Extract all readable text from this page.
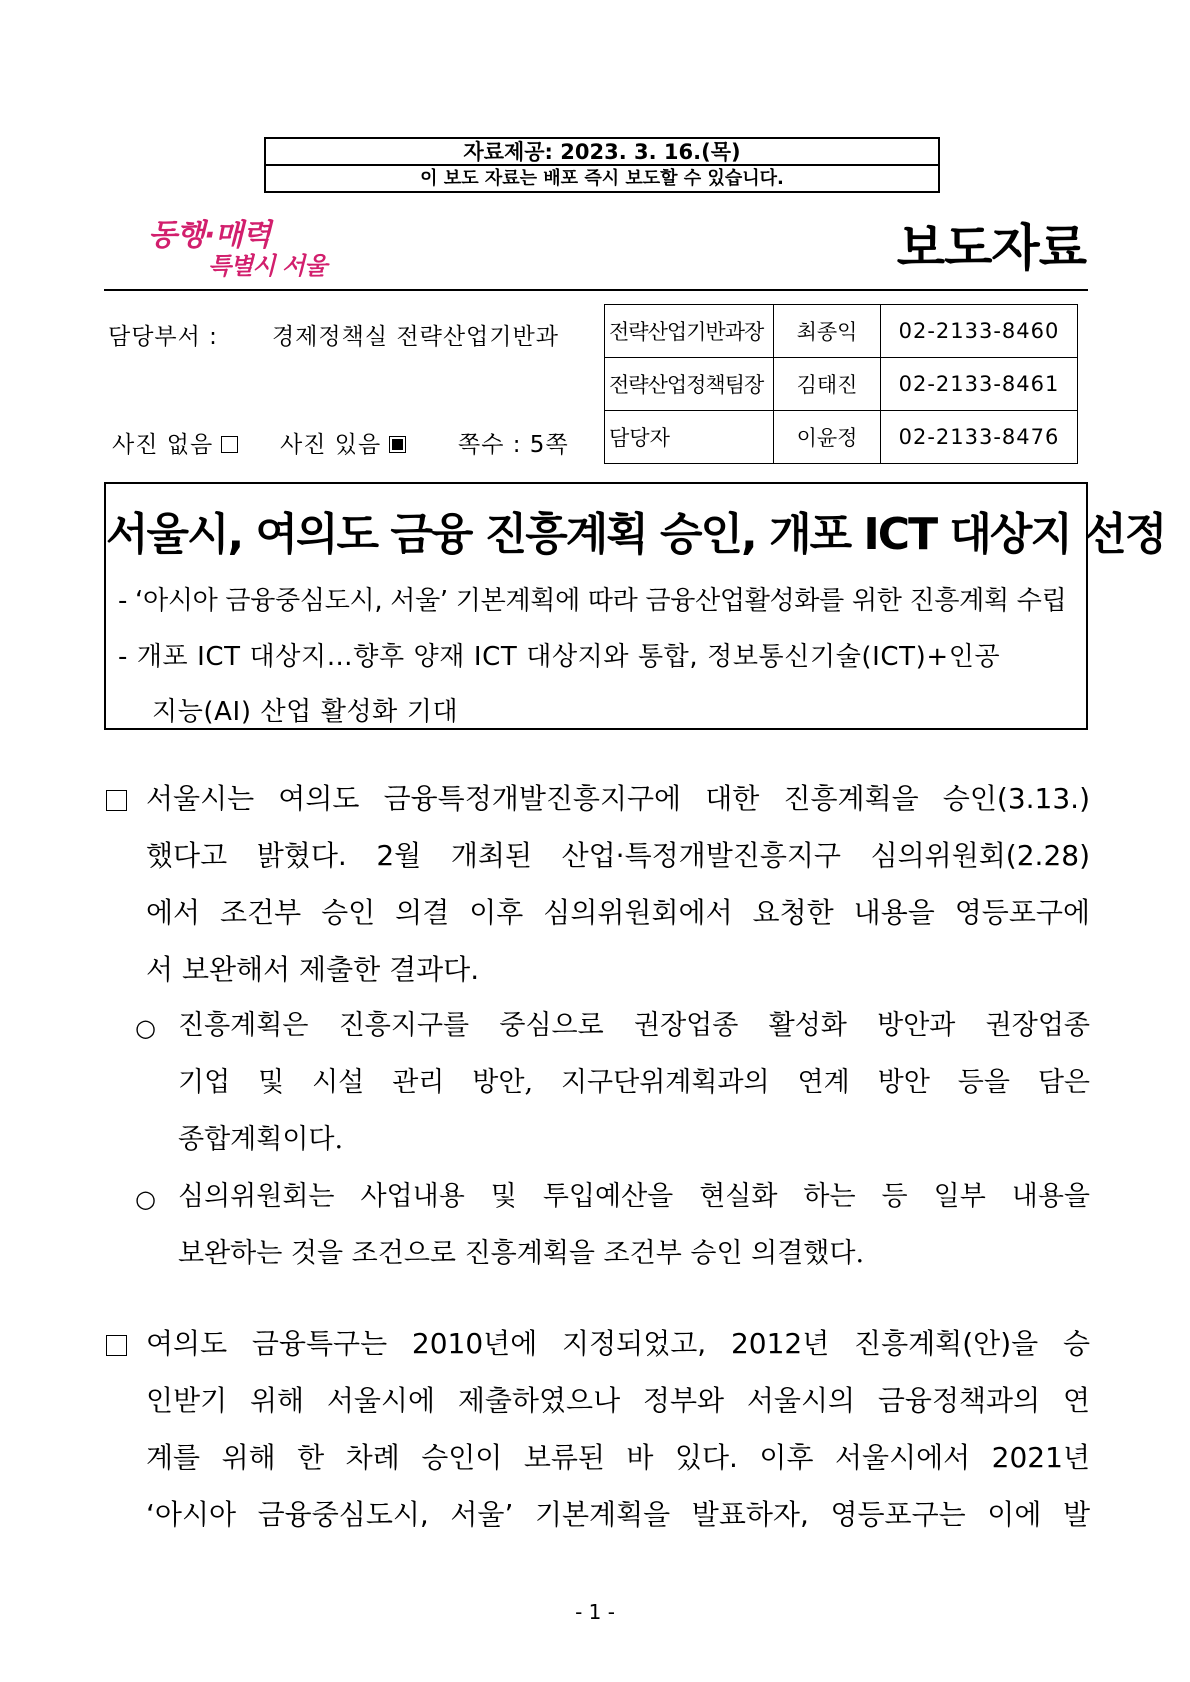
자료제공: 2023. 3. 16.(목)
이 보도 자료는 배포 즉시 보도할 수 있습니다.
동행·매력
특별시 서울	보도자료
담당부서 : 경제정책실 전략산업기반과
사진 없음	사진 있음	쪽수 : 5쪽
전략산업기반과장	최종익	02-2133-8460
전략산업정책팀장	김태진	02-2133-8461
담당자	이윤정	02-2133-8476
서울시, 여의도 금융 진흥계획 승인, 개포 ICT 대상지 선정
- ‘아시아 금융중심도시, 서울’ 기본계획에 따라 금융산업활성화를 위한 진흥계획 수립
- 개포 ICT 대상지…향후 양재 ICT 대상지와 통합, 정보통신기술(ICT)+인공
지능(AI) 산업 활성화 기대
서울시는 여의도 금융특정개발진흥지구에 대한 진흥계획을 승인(3.13.)
했다고 밝혔다. 2월 개최된 산업·특정개발진흥지구 심의위원회(2.28)
에서 조건부 승인 의결 이후 심의위원회에서 요청한 내용을 영등포구에
서 보완해서 제출한 결과다.
○ 진흥계획은 진흥지구를 중심으로 권장업종 활성화 방안과 권장업종
기업 및 시설 관리 방안, 지구단위계획과의 연계 방안 등을 담은
종합계획이다.
○ 심의위원회는 사업내용 및 투입예산을 현실화 하는 등 일부 내용을
보완하는 것을 조건으로 진흥계획을 조건부 승인 의결했다.
여의도 금융특구는 2010년에 지정되었고, 2012년 진흥계획(안)을 승
인받기 위해 서울시에 제출하였으나 정부와 서울시의 금융정책과의 연
계를 위해 한 차례 승인이 보류된 바 있다. 이후 서울시에서 2021년
‘아시아 금융중심도시, 서울’ 기본계획을 발표하자, 영등포구는 이에 발
- 1 -
